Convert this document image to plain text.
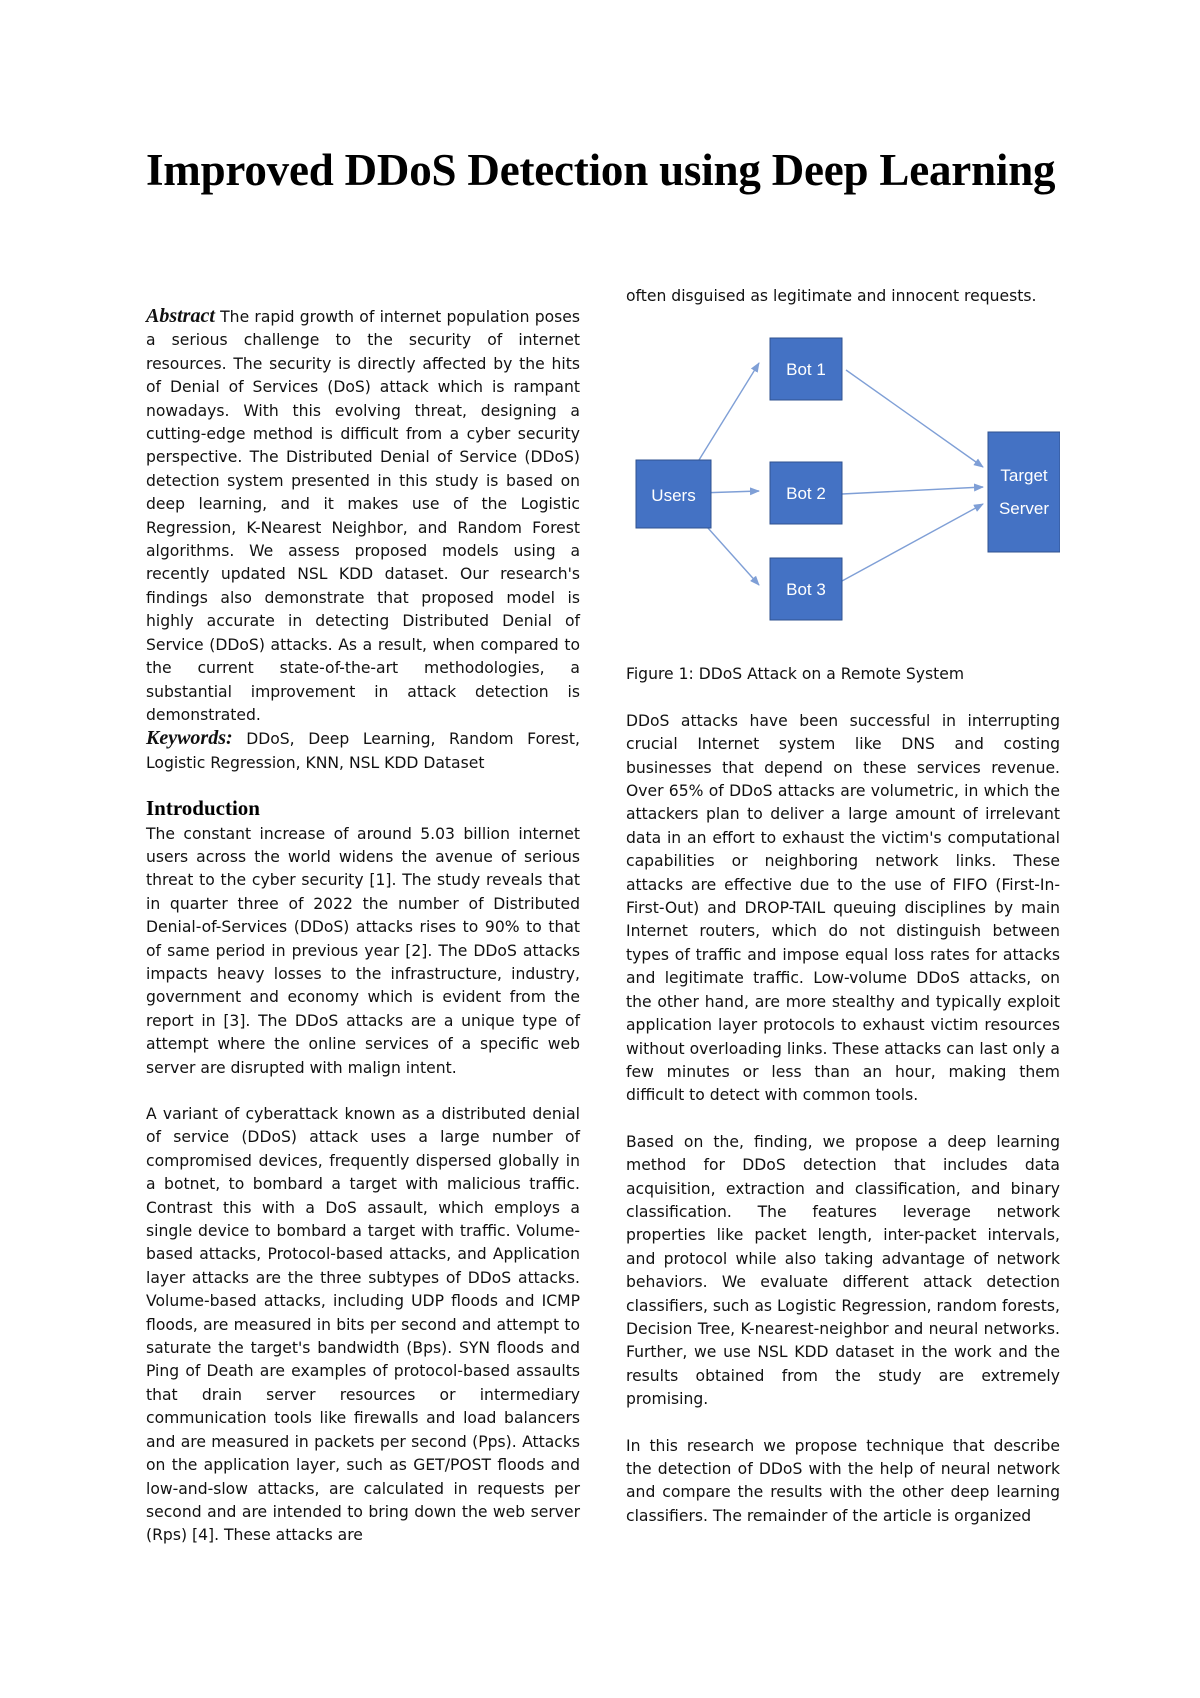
Improved DDoS Detection using Deep Learning

Abstract The rapid growth of internet population poses a serious challenge to the security of internet resources. The security is directly affected by the hits of Denial of Services (DoS) attack which is rampant nowadays. With this evolving threat, designing a cutting-edge method is difficult from a cyber security perspective. The Distributed Denial of Service (DDoS) detection system presented in this study is based on deep learning, and it makes use of the Logistic Regression, K-Nearest Neighbor, and Random Forest algorithms. We assess proposed models using a recently updated NSL KDD dataset. Our research's findings also demonstrate that proposed model is highly accurate in detecting Distributed Denial of Service (DDoS) attacks. As a result, when compared to the current state-of-the-art methodologies, a substantial improvement in attack detection is demonstrated.

Keywords: DDoS, Deep Learning, Random Forest, Logistic Regression, KNN, NSL KDD Dataset

Introduction

The constant increase of around 5.03 billion internet users across the world widens the avenue of serious threat to the cyber security [1]. The study reveals that in quarter three of 2022 the number of Distributed Denial-of-Services (DDoS) attacks rises to 90% to that of same period in previous year [2]. The DDoS attacks impacts heavy losses to the infrastructure, industry, government and economy which is evident from the report in [3]. The DDoS attacks are a unique type of attempt where the online services of a specific web server are disrupted with malign intent.

A variant of cyberattack known as a distributed denial of service (DDoS) attack uses a large number of compromised devices, frequently dispersed globally in a botnet, to bombard a target with malicious traffic. Contrast this with a DoS assault, which employs a single device to bombard a target with traffic. Volume-based attacks, Protocol-based attacks, and Application layer attacks are the three subtypes of DDoS attacks. Volume-based attacks, including UDP floods and ICMP floods, are measured in bits per second and attempt to saturate the target's bandwidth (Bps). SYN floods and Ping of Death are examples of protocol-based assaults that drain server resources or intermediary communication tools like firewalls and load balancers and are measured in packets per second (Pps). Attacks on the application layer, such as GET/POST floods and low-and-slow attacks, are calculated in requests per second and are intended to bring down the web server (Rps) [4]. These attacks are

often disguised as legitimate and innocent requests.

Users
Bot 1
Bot 2
Bot 3
Target
Server

Figure 1: DDoS Attack on a Remote System

DDoS attacks have been successful in interrupting crucial Internet system like DNS and costing businesses that depend on these services revenue. Over 65% of DDoS attacks are volumetric, in which the attackers plan to deliver a large amount of irrelevant data in an effort to exhaust the victim's computational capabilities or neighboring network links. These attacks are effective due to the use of FIFO (First-In-First-Out) and DROP-TAIL queuing disciplines by main Internet routers, which do not distinguish between types of traffic and impose equal loss rates for attacks and legitimate traffic. Low-volume DDoS attacks, on the other hand, are more stealthy and typically exploit application layer protocols to exhaust victim resources without overloading links. These attacks can last only a few minutes or less than an hour, making them difficult to detect with common tools.

Based on the, finding, we propose a deep learning method for DDoS detection that includes data acquisition, extraction and classification, and binary classification. The features leverage network properties like packet length, inter-packet intervals, and protocol while also taking advantage of network behaviors. We evaluate different attack detection classifiers, such as Logistic Regression, random forests, Decision Tree, K-nearest-neighbor and neural networks. Further, we use NSL KDD dataset in the work and the results obtained from the study are extremely promising.

In this research we propose technique that describe the detection of DDoS with the help of neural network and compare the results with the other deep learning classifiers. The remainder of the article is organized
